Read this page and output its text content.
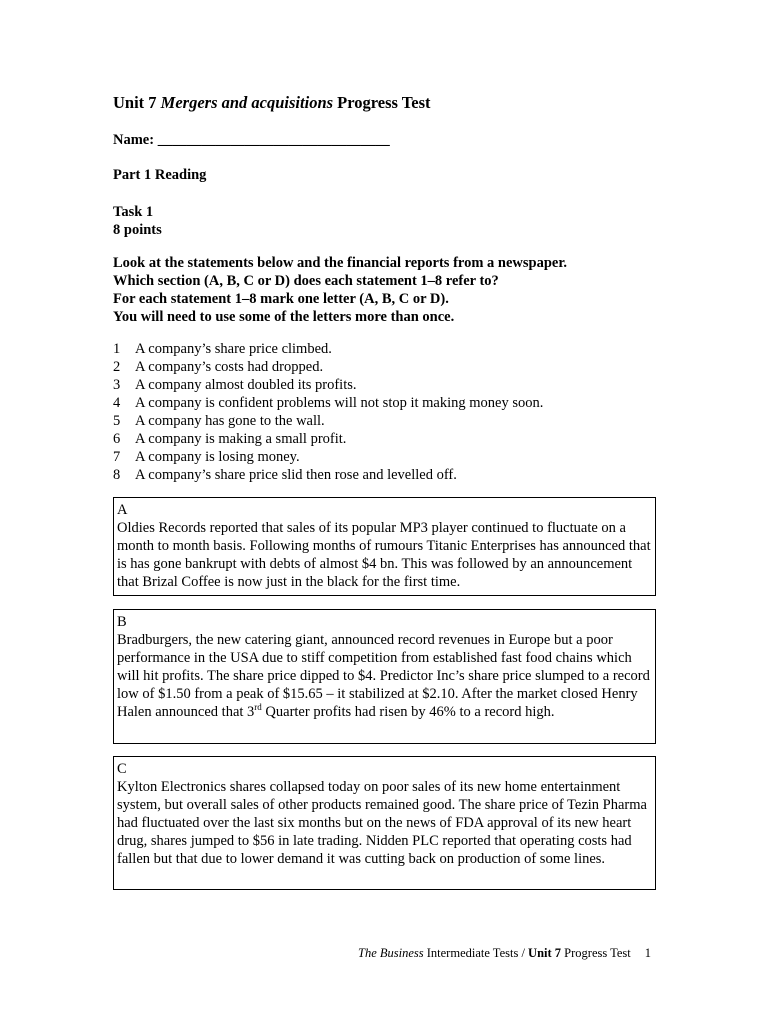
Unit 7 Mergers and acquisitions Progress Test
Name: ________________________________
Part 1 Reading
Task 1
8 points
Look at the statements below and the financial reports from a newspaper.
Which section (A, B, C or D) does each statement 1–8 refer to?
For each statement 1–8 mark one letter (A, B, C or D).
You will need to use some of the letters more than once.
1	A company’s share price climbed.
2	A company’s costs had dropped.
3	A company almost doubled its profits.
4	A company is confident problems will not stop it making money soon.
5	A company has gone to the wall.
6	A company is making a small profit.
7	A company is losing money.
8	A company’s share price slid then rose and levelled off.
A
Oldies Records reported that sales of its popular MP3 player continued to fluctuate on a month to month basis. Following months of rumours Titanic Enterprises has announced that is has gone bankrupt with debts of almost $4 bn. This was followed by an announcement that Brizal Coffee is now just in the black for the first time.
B
Bradburgers, the new catering giant, announced record revenues in Europe but a poor performance in the USA due to stiff competition from established fast food chains which will hit profits. The share price dipped to $4. Predictor Inc’s share price slumped to a record low of $1.50 from a peak of $15.65 – it stabilized at $2.10. After the market closed Henry Halen announced that 3rd Quarter profits had risen by 46% to a record high.
C
Kylton Electronics shares collapsed today on poor sales of its new home entertainment system, but overall sales of other products remained good. The share price of Tezin Pharma had fluctuated over the last six months but on the news of FDA approval of its new heart drug, shares jumped to $56 in late trading. Nidden PLC reported that operating costs had fallen but that due to lower demand it was cutting back on production of some lines.
The Business Intermediate Tests / Unit 7 Progress Test 1
